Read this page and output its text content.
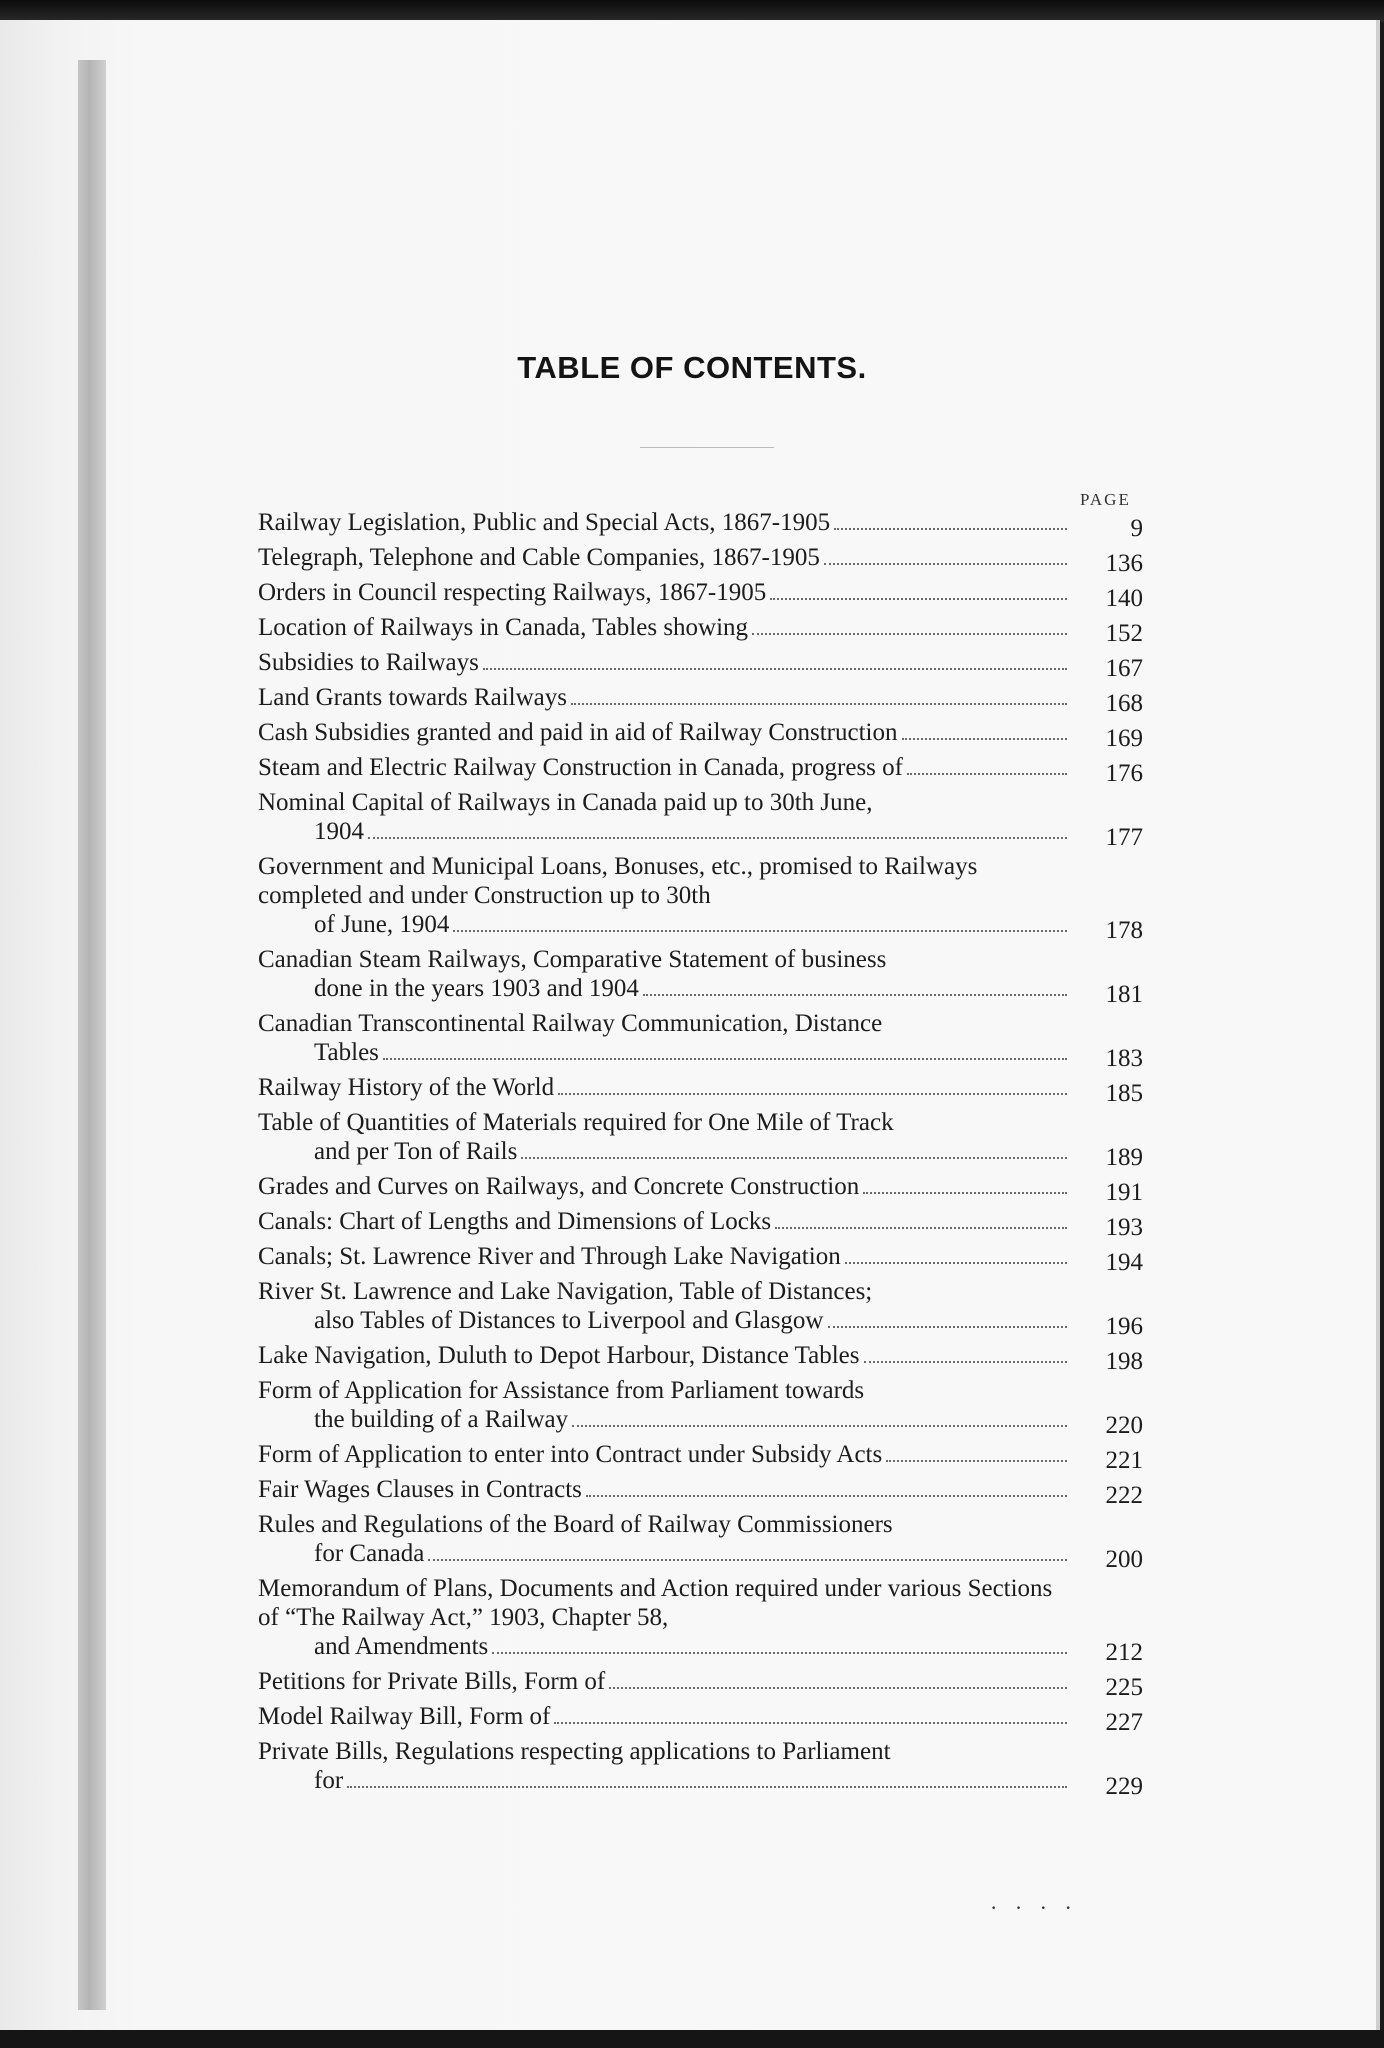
TABLE OF CONTENTS.
PAGE
Railway Legislation, Public and Special Acts, 1867-1905	9
Telegraph, Telephone and Cable Companies, 1867-1905	136
Orders in Council respecting Railways, 1867-1905	140
Location of Railways in Canada, Tables showing	152
Subsidies to Railways	167
Land Grants towards Railways	168
Cash Subsidies granted and paid in aid of Railway Construction	169
Steam and Electric Railway Construction in Canada, progress of	176
Nominal Capital of Railways in Canada paid up to 30th June,
1904	177
Government and Municipal Loans, Bonuses, etc., promised to Railways completed and under Construction up to 30th
of June, 1904	178
Canadian Steam Railways, Comparative Statement of business
done in the years 1903 and 1904	181
Canadian Transcontinental Railway Communication, Distance
Tables	183
Railway History of the World	185
Table of Quantities of Materials required for One Mile of Track
and per Ton of Rails	189
Grades and Curves on Railways, and Concrete Construction	191
Canals: Chart of Lengths and Dimensions of Locks	193
Canals; St. Lawrence River and Through Lake Navigation	194
River St. Lawrence and Lake Navigation, Table of Distances;
also Tables of Distances to Liverpool and Glasgow	196
Lake Navigation, Duluth to Depot Harbour, Distance Tables	198
Form of Application for Assistance from Parliament towards
the building of a Railway	220
Form of Application to enter into Contract under Subsidy Acts	221
Fair Wages Clauses in Contracts	222
Rules and Regulations of the Board of Railway Commissioners
for Canada	200
Memorandum of Plans, Documents and Action required under various Sections of “The Railway Act,” 1903, Chapter 58,
and Amendments	212
Petitions for Private Bills, Form of	225
Model Railway Bill, Form of	227
Private Bills, Regulations respecting applications to Parliament
for	229
· · · ·
